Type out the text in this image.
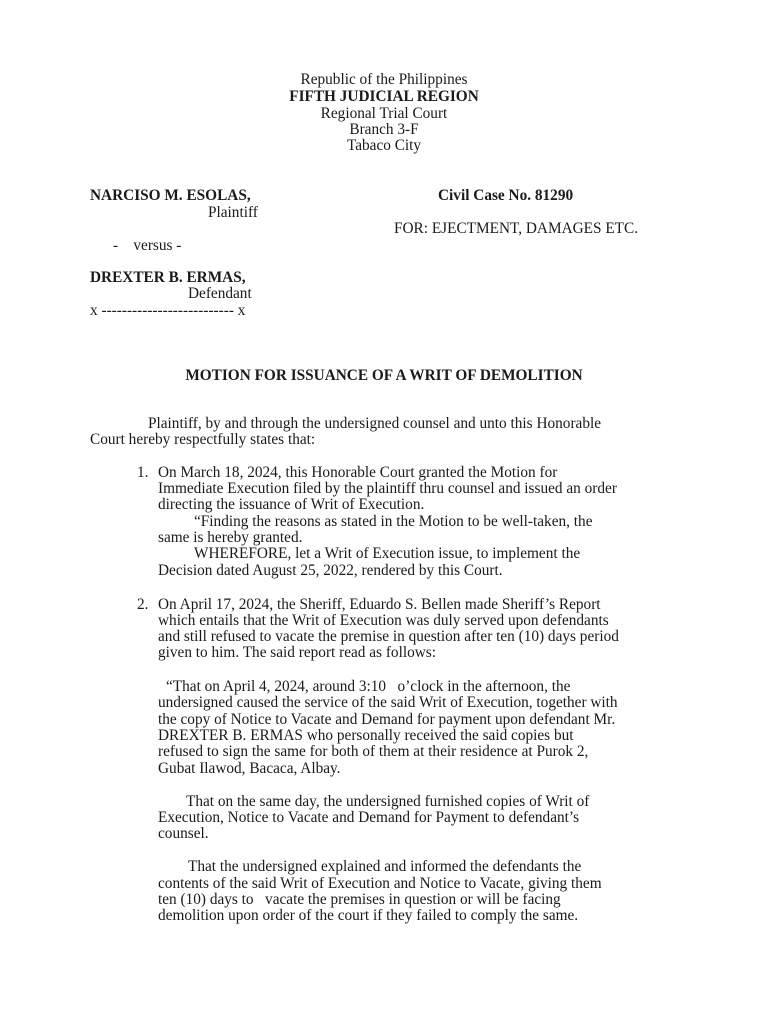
Republic of the Philippines
FIFTH JUDICIAL REGION
Regional Trial Court
Branch 3-F
Tabaco City
NARCISO M. ESOLAS,
Plaintiff
-    versus -
DREXTER B. ERMAS,
Defendant
x -------------------------- x
Civil Case No. 81290
FOR: EJECTMENT, DAMAGES ETC.
MOTION FOR ISSUANCE OF A WRIT OF DEMOLITION
Plaintiff, by and through the undersigned counsel and unto this Honorable
Court hereby respectfully states that:
1. On March 18, 2024, this Honorable Court granted the Motion for
Immediate Execution filed by the plaintiff thru counsel and issued an order
directing the issuance of Writ of Execution.
“Finding the reasons as stated in the Motion to be well-taken, the
same is hereby granted.
WHEREFORE, let a Writ of Execution issue, to implement the
Decision dated August 25, 2022, rendered by this Court.
2. On April 17, 2024, the Sheriff, Eduardo S. Bellen made Sheriff’s Report
which entails that the Writ of Execution was duly served upon defendants
and still refused to vacate the premise in question after ten (10) days period
given to him. The said report read as follows:
“That on April 4, 2024, around 3:10   o’clock in the afternoon, the
undersigned caused the service of the said Writ of Execution, together with
the copy of Notice to Vacate and Demand for payment upon defendant Mr.
DREXTER B. ERMAS who personally received the said copies but
refused to sign the same for both of them at their residence at Purok 2,
Gubat Ilawod, Bacaca, Albay.
That on the same day, the undersigned furnished copies of Writ of
Execution, Notice to Vacate and Demand for Payment to defendant’s
counsel.
That the undersigned explained and informed the defendants the
contents of the said Writ of Execution and Notice to Vacate, giving them
ten (10) days to   vacate the premises in question or will be facing
demolition upon order of the court if they failed to comply the same.
